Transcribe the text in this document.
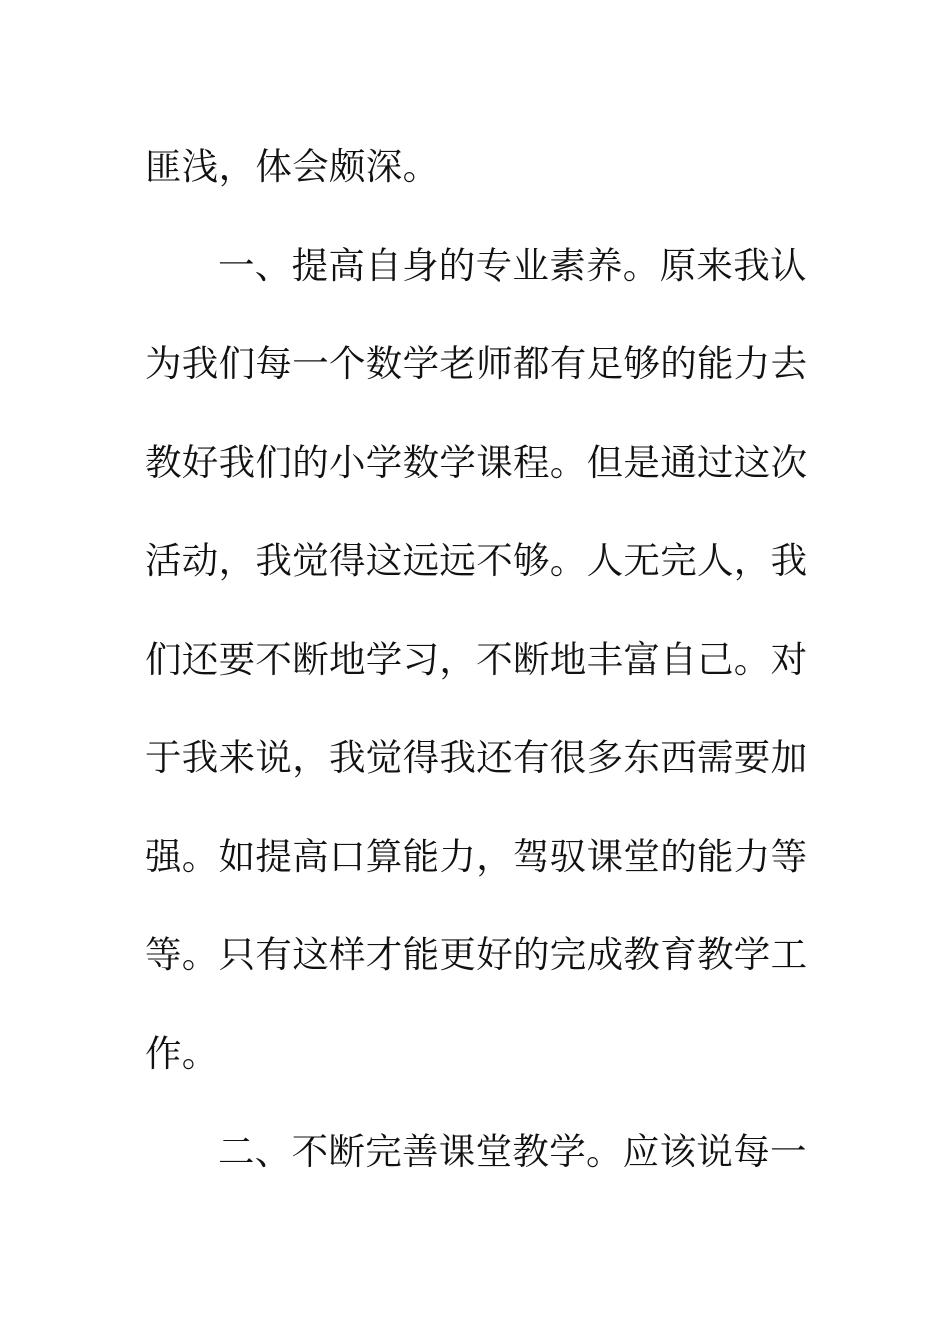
匪浅，体会颇深。
一、提高自身的专业素养。原来我认
为我们每一个数学老师都有足够的能力去
教好我们的小学数学课程。但是通过这次
活动，我觉得这远远不够。人无完人，我
们还要不断地学习，不断地丰富自己。对
于我来说，我觉得我还有很多东西需要加
强。如提高口算能力，驾驭课堂的能力等
等。只有这样才能更好的完成教育教学工
作。
二、不断完善课堂教学。应该说每一
